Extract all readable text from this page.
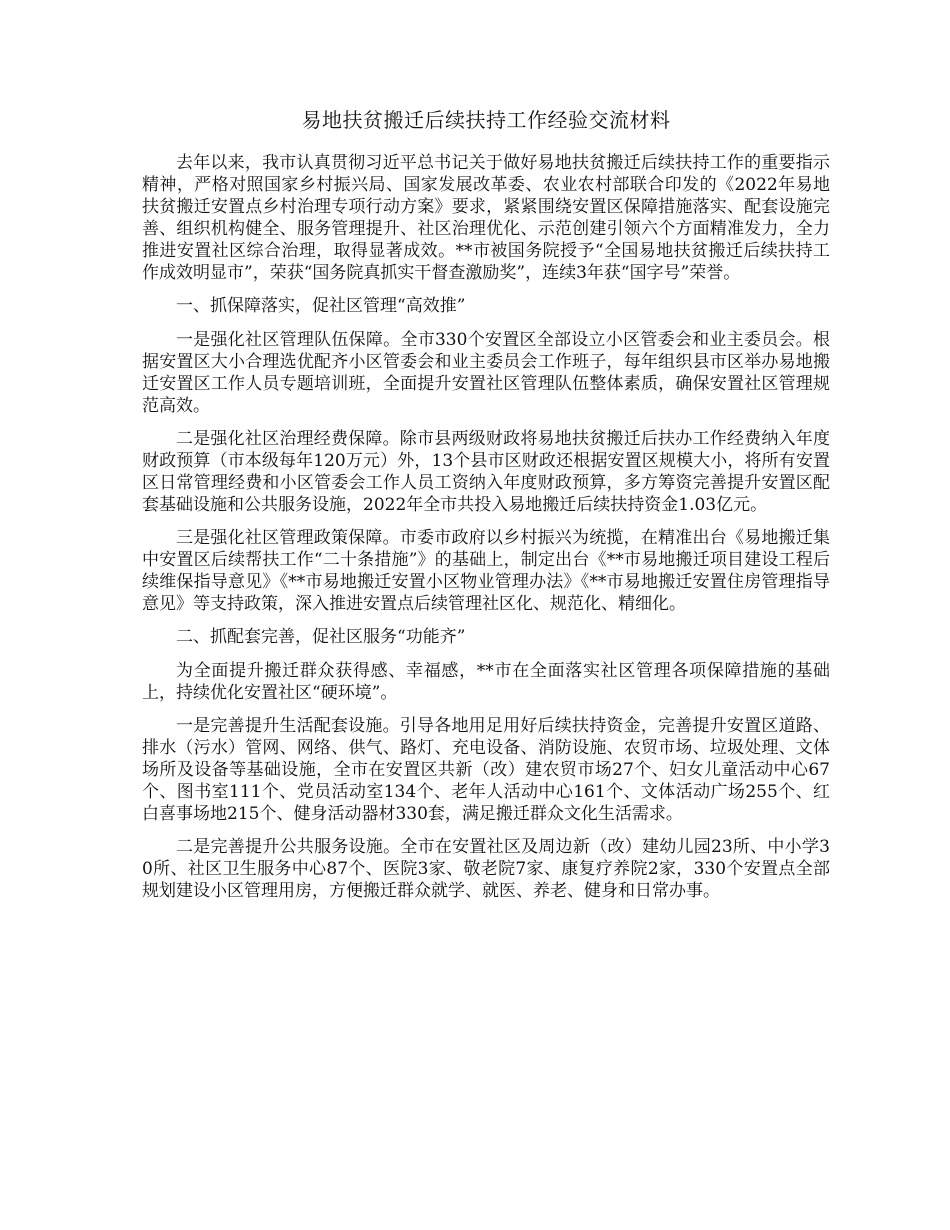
易地扶贫搬迁后续扶持工作经验交流材料

去年以来，我市认真贯彻习近平总书记关于做好易地扶贫搬迁后续扶持工作的重要指示精神，严格对照国家乡村振兴局、国家发展改革委、农业农村部联合印发的《2022年易地扶贫搬迁安置点乡村治理专项行动方案》要求，紧紧围绕安置区保障措施落实、配套设施完善、组织机构健全、服务管理提升、社区治理优化、示范创建引领六个方面精准发力，全力推进安置社区综合治理，取得显著成效。**市被国务院授予“全国易地扶贫搬迁后续扶持工作成效明显市”，荣获“国务院真抓实干督查激励奖”，连续3年获“国字号”荣誉。

一、抓保障落实，促社区管理“高效推”

一是强化社区管理队伍保障。全市330个安置区全部设立小区管委会和业主委员会。根据安置区大小合理选优配齐小区管委会和业主委员会工作班子，每年组织县市区举办易地搬迁安置区工作人员专题培训班，全面提升安置社区管理队伍整体素质，确保安置社区管理规范高效。

二是强化社区治理经费保障。除市县两级财政将易地扶贫搬迁后扶办工作经费纳入年度财政预算（市本级每年120万元）外，13个县市区财政还根据安置区规模大小，将所有安置区日常管理经费和小区管委会工作人员工资纳入年度财政预算，多方筹资完善提升安置区配套基础设施和公共服务设施，2022年全市共投入易地搬迁后续扶持资金1.03亿元。

三是强化社区管理政策保障。市委市政府以乡村振兴为统揽，在精准出台《易地搬迁集中安置区后续帮扶工作“二十条措施”》的基础上，制定出台《**市易地搬迁项目建设工程后续维保指导意见》《**市易地搬迁安置小区物业管理办法》《**市易地搬迁安置住房管理指导意见》等支持政策，深入推进安置点后续管理社区化、规范化、精细化。

二、抓配套完善，促社区服务“功能齐”

为全面提升搬迁群众获得感、幸福感，**市在全面落实社区管理各项保障措施的基础上，持续优化安置社区“硬环境”。

一是完善提升生活配套设施。引导各地用足用好后续扶持资金，完善提升安置区道路、排水（污水）管网、网络、供气、路灯、充电设备、消防设施、农贸市场、垃圾处理、文体场所及设备等基础设施，全市在安置区共新（改）建农贸市场27个、妇女儿童活动中心67个、图书室111个、党员活动室134个、老年人活动中心161个、文体活动广场255个、红白喜事场地215个、健身活动器材330套，满足搬迁群众文化生活需求。

二是完善提升公共服务设施。全市在安置社区及周边新（改）建幼儿园23所、中小学30所、社区卫生服务中心87个、医院3家、敬老院7家、康复疗养院2家，330个安置点全部规划建设小区管理用房，方便搬迁群众就学、就医、养老、健身和日常办事。
